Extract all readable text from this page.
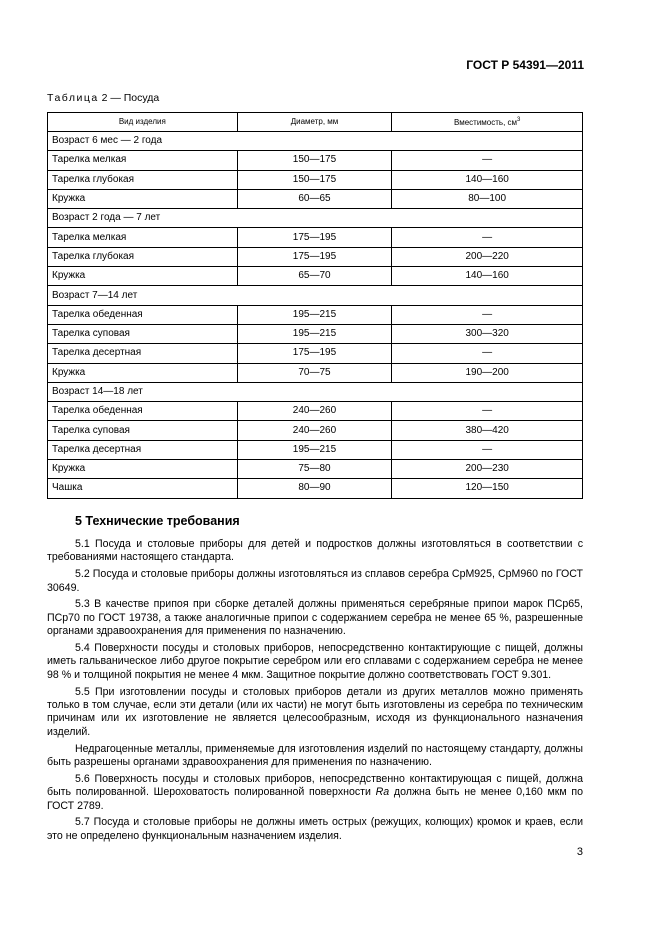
ГОСТ Р 54391—2011
Таблица 2 — Посуда
Вид изделия	Диаметр, мм	Вместимость, $см^3$
Возраст 6 мес — 2 года		
Тарелка мелкая	150—175	—
Тарелка глубокая	150—175	140—160
Кружка	60—65	80—100
Возраст 2 года — 7 лет		
Тарелка мелкая	175—195	—
Тарелка глубокая	175—195	200—220
Кружка	65—70	140—160
Возраст 7—14 лет		
Тарелка обеденная	195—215	—
Тарелка суповая	195—215	300—320
Тарелка десертная	175—195	—
Кружка	70—75	190—200
Возраст 14—18 лет		
Тарелка обеденная	240—260	—
Тарелка суповая	240—260	380—420
Тарелка десертная	195—215	—
Кружка	75—80	200—230
Чашка	80—90	120—150
5 Технические требования

5.1 Посуда и столовые приборы для детей и подростков должны изготовляться в соответствии с требованиями настоящего стандарта.

5.2 Посуда и столовые приборы должны изготовляться из сплавов серебра СрМ925, СрМ960 по ГОСТ 30649.

5.3 В качестве припоя при сборке деталей должны применяться серебряные припои марок ПСр65, ПСр70 по ГОСТ 19738, а также аналогичные припои с содержанием серебра не менее 65 %, разрешенные органами здравоохранения для применения по назначению.

5.4 Поверхности посуды и столовых приборов, непосредственно контактирующие с пищей, должны иметь гальваническое либо другое покрытие серебром или его сплавами с содержанием серебра не менее 98 % и толщиной покрытия не менее 4 мкм. Защитное покрытие должно соответствовать ГОСТ 9.301.

5.5 При изготовлении посуды и столовых приборов детали из других металлов можно применять только в том случае, если эти детали (или их части) не могут быть изготовлены из серебра по техническим причинам или их изготовление не является целесообразным, исходя из функционального назначения изделий.

Недрагоценные металлы, применяемые для изготовления изделий по настоящему стандарту, должны быть разрешены органами здравоохранения для применения по назначению.

5.6 Поверхность посуды и столовых приборов, непосредственно контактирующая с пищей, должна быть полированной. Шероховатость полированной поверхности Ra должна быть не менее 0,160 мкм по ГОСТ 2789.

5.7 Посуда и столовые приборы не должны иметь острых (режущих, колющих) кромок и краев, если это не определено функциональным назначением изделия.

3
